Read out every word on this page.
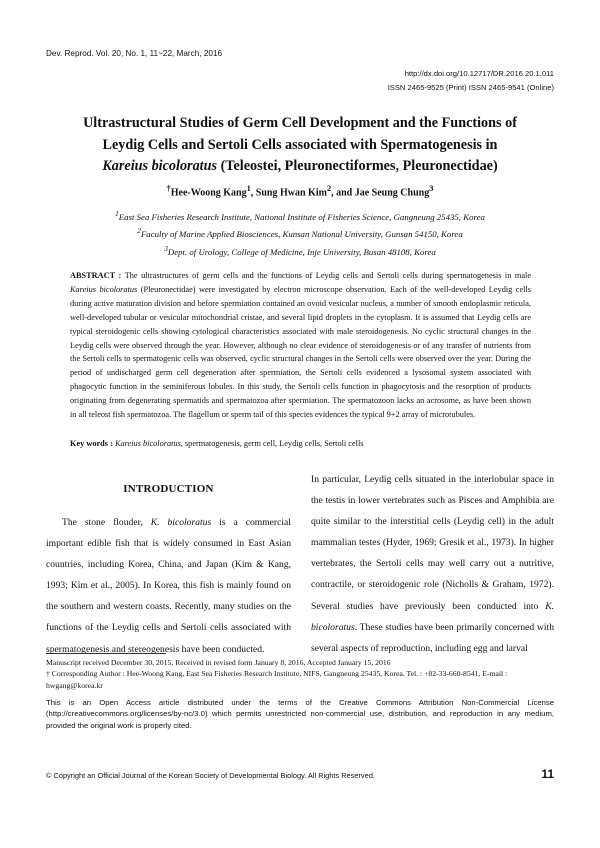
Dev. Reprod. Vol. 20, No. 1, 11~22, March, 2016
http://dx.doi.org/10.12717/DR.2016.20.1.011
ISSN 2465-9525 (Print) ISSN 2465-9541 (Online)
Ultrastructural Studies of Germ Cell Development and the Functions of
Leydig Cells and Sertoli Cells associated with Spermatogenesis in
Kareius bicoloratus (Teleostei, Pleuronectiformes, Pleuronectidae)
†Hee-Woong Kang$^1$, Sung Hwan Kim$^2$, and Jae Seung Chung$^3$
$^1$East Sea Fisheries Research Institute, National Institute of Fisheries Science, Gangneung 25435, Korea
$^2$Faculty of Marine Applied Biosciences, Kunsan National University, Gunsan 54150, Korea
$^3$Dept. of Urology, College of Medicine, Inje University, Busan 48108, Korea
ABSTRACT : The ultrastructures of germ cells and the functions of Leydig cells and Sertoli cells during spermatogenesis in male Kareius bicoloratus (Pleuronectidae) were investigated by electron microscope observation. Each of the well-developed Leydig cells during active maturation division and before spermiation contained an ovoid vesicular nucleus, a number of smooth endoplasmic reticula, well-developed tubular or vesicular mitochondrial cristae, and several lipid droplets in the cytoplasm. It is assumed that Leydig cells are typical steroidogenic cells showing cytological characteristics associated with male steroidogenesis. No cyclic structural changes in the Leydig cells were observed through the year. However, although no clear evidence of steroidogenesis or of any transfer of nutrients from the Sertoli cells to spermatogenic cells was observed, cyclic structural changes in the Sertoli cells were observed over the year. During the period of undischarged germ cell degeneration after spermiation, the Sertoli cells evidenced a lysosomal system associated with phagocytic function in the seminiferous lobules. In this study, the Sertoli cells function in phagocytosis and the resorption of products originating from degenerating spermatids and spermatozoa after spermiation. The spermatozoon lacks an acrosome, as have been shown in all teleost fish spermatozoa. The flagellum or sperm tail of this species evidences the typical 9+2 array of microtubules.
Key words : Kareius bicoloratus, spermatogenesis, germ cell, Leydig cells, Sertoli cells
INTRODUCTION

The stone flouder, K. bicoloratus is a commercial important edible fish that is widely consumed in East Asian countries, including Korea, China, and Japan (Kim & Kang, 1993; Kim et al., 2005). In Korea, this fish is mainly found on the southern and western coasts. Recently, many studies on the functions of the Leydig cells and Sertoli cells associated with spermatogenesis and stereogenesis have been conducted.

In particular, Leydig cells situated in the interlobular space in the testis in lower vertebrates such as Pisces and Amphibia are quite similar to the interstitial cells (Leydig cell) in the adult mammalian testes (Hyder, 1969; Gresik et al., 1973). In higher vertebrates, the Sertoli cells may well carry out a nutritive, contractile, or steroidogenic role (Nicholls & Graham, 1972). Several studies have previously been conducted into K. bicoloratus. These studies have been primarily concerned with several aspects of reproduction, including egg and larval

Manuscript received December 30, 2015, Received in revised form January 8, 2016, Accepted January 15, 2016
† Corresponding Author : Hee-Woong Kang, East Sea Fisheries Research Institute, NIFS, Gangneung 25435, Korea. Tel. : +82-33-660-8541, E-mail : hwgang@korea.kr
This is an Open Access article distributed under the terms of the Creative Commons Attribution Non-Commercial License (http://creativecommons.org/licenses/by-nc/3.0) which permits unrestricted non-commercial use, distribution, and reproduction in any medium, provided the original work is properly cited.
© Copyright an Official Journal of the Korean Society of Developmental Biology. All Rights Reserved.	11
